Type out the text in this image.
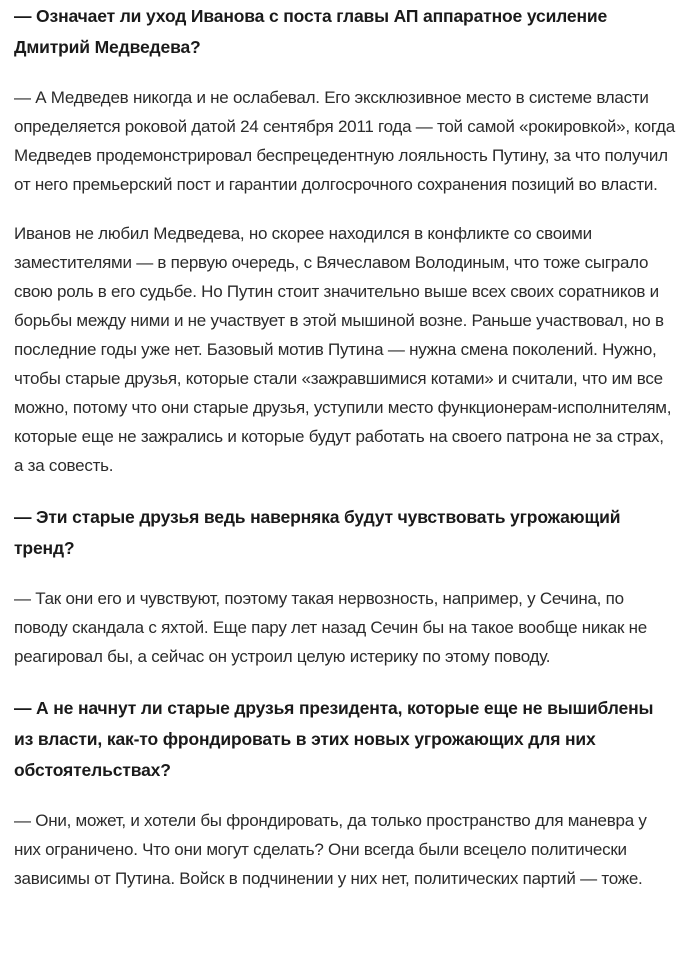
— Означает ли уход Иванова с поста главы АП аппаратное усиление Дмитрий Медведева?

— А Медведев никогда и не ослабевал. Его эксклюзивное место в системе власти определяется роковой датой 24 сентября 2011 года — той самой «рокировкой», когда Медведев продемонстрировал беспрецедентную лояльность Путину, за что получил от него премьерский пост и гарантии долгосрочного сохранения позиций во власти.

Иванов не любил Медведева, но скорее находился в конфликте со своими заместителями — в первую очередь, с Вячеславом Володиным, что тоже сыграло свою роль в его судьбе. Но Путин стоит значительно выше всех своих соратников и борьбы между ними и не участвует в этой мышиной возне. Раньше участвовал, но в последние годы уже нет. Базовый мотив Путина — нужна смена поколений. Нужно, чтобы старые друзья, которые стали «зажравшимися котами» и считали, что им все можно, потому что они старые друзья, уступили место функционерам-исполнителям, которые еще не зажрались и которые будут работать на своего патрона не за страх, а за совесть.

— Эти старые друзья ведь наверняка будут чувствовать угрожающий тренд?

— Так они его и чувствуют, поэтому такая нервозность, например, у Сечина, по поводу скандала с яхтой. Еще пару лет назад Сечин бы на такое вообще никак не реагировал бы, а сейчас он устроил целую истерику по этому поводу.

— А не начнут ли старые друзья президента, которые еще не вышиблены из власти, как-то фрондировать в этих новых угрожающих для них обстоятельствах?

— Они, может, и хотели бы фрондировать, да только пространство для маневра у них ограничено. Что они могут сделать? Они всегда были всецело политически зависимы от Путина. Войск в подчинении у них нет, политических партий — тоже.
